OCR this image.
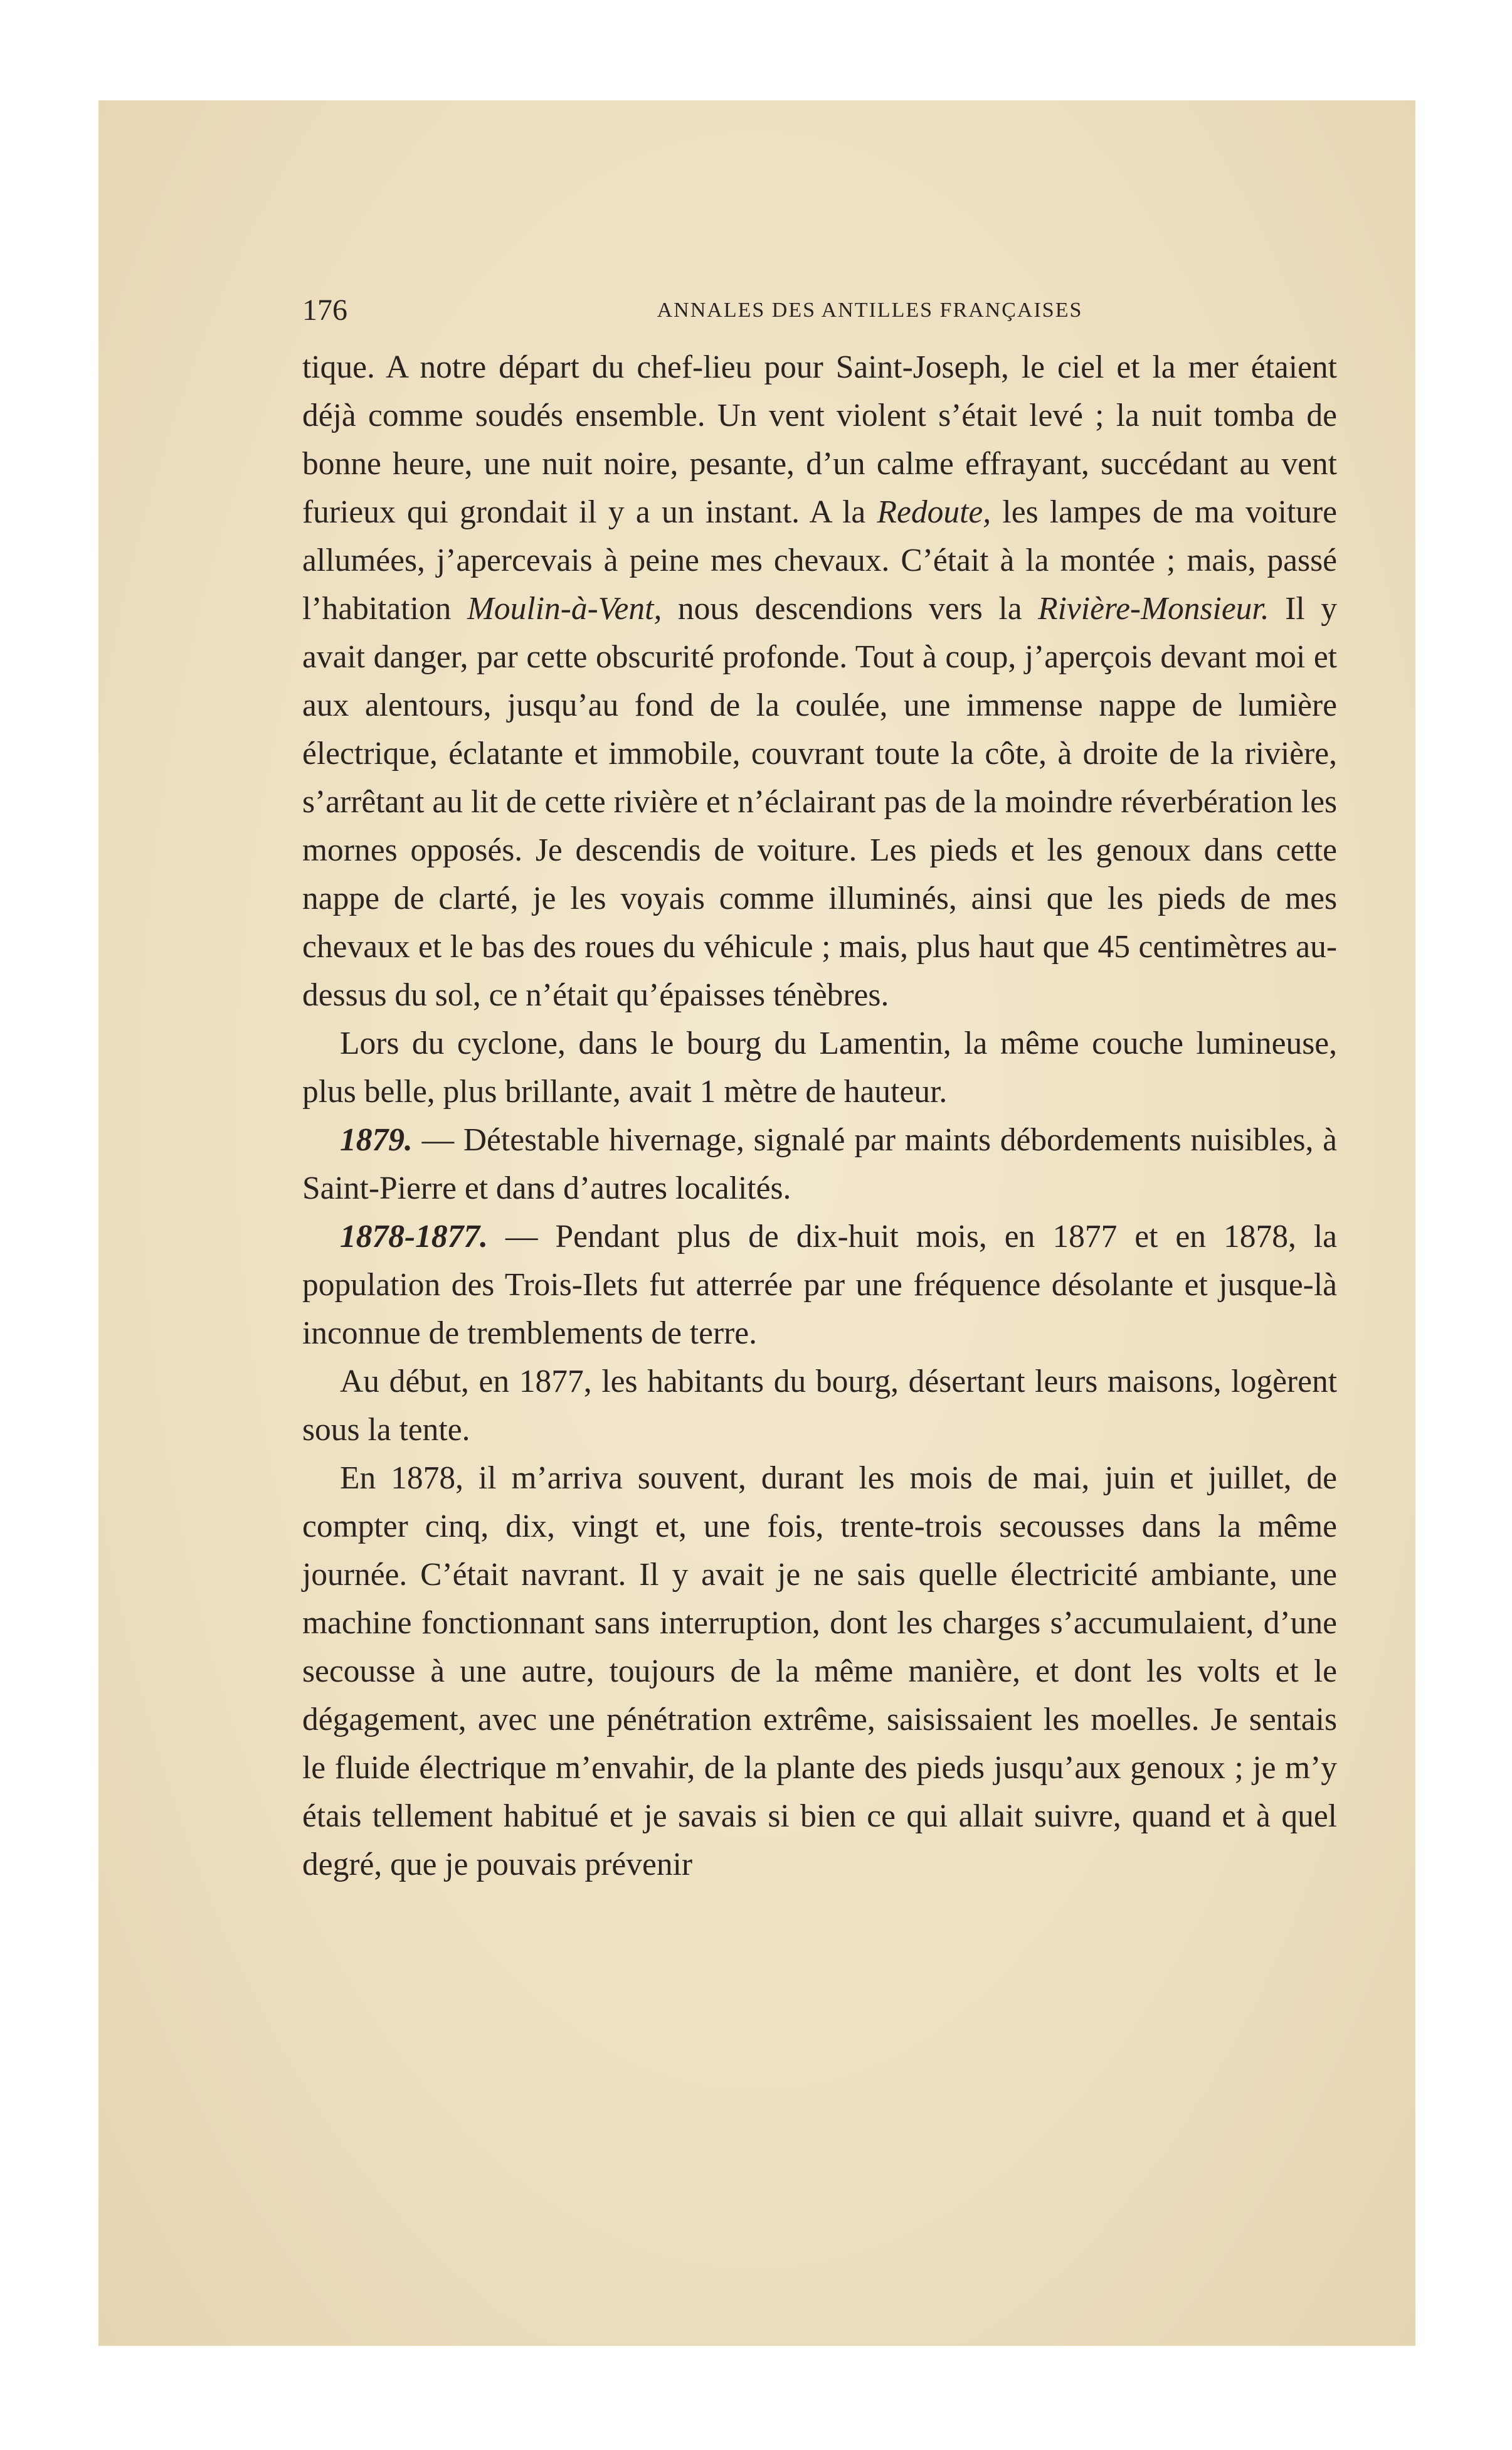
176	ANNALES DES ANTILLES FRANÇAISES

tique. A notre départ du chef-lieu pour Saint-Joseph, le ciel et la mer étaient déjà comme soudés ensemble. Un vent violent s’était levé ; la nuit tomba de bonne heure, une nuit noire, pesante, d’un calme effrayant, succédant au vent furieux qui grondait il y a un instant. A la Redoute, les lampes de ma voiture allumées, j’apercevais à peine mes chevaux. C’était à la montée ; mais, passé l’habitation Moulin-à-Vent, nous descendions vers la Rivière-Monsieur. Il y avait danger, par cette obscurité profonde. Tout à coup, j’aperçois devant moi et aux alentours, jusqu’au fond de la coulée, une immense nappe de lumière électrique, éclatante et immobile, couvrant toute la côte, à droite de la rivière, s’arrêtant au lit de cette rivière et n’éclairant pas de la moindre réverbération les mornes opposés. Je descendis de voiture. Les pieds et les genoux dans cette nappe de clarté, je les voyais comme illuminés, ainsi que les pieds de mes chevaux et le bas des roues du véhicule ; mais, plus haut que 45 centimètres au-dessus du sol, ce n’était qu’épaisses ténèbres.

Lors du cyclone, dans le bourg du Lamentin, la même couche lumineuse, plus belle, plus brillante, avait 1 mètre de hauteur.

1879. — Détestable hivernage, signalé par maints débordements nuisibles, à Saint-Pierre et dans d’autres localités.

1878-1877. — Pendant plus de dix-huit mois, en 1877 et en 1878, la population des Trois-Ilets fut atterrée par une fréquence désolante et jusque-là inconnue de tremblements de terre.

Au début, en 1877, les habitants du bourg, désertant leurs maisons, logèrent sous la tente.

En 1878, il m’arriva souvent, durant les mois de mai, juin et juillet, de compter cinq, dix, vingt et, une fois, trente-trois secousses dans la même journée. C’était navrant. Il y avait je ne sais quelle électricité ambiante, une machine fonctionnant sans interruption, dont les charges s’accumulaient, d’une secousse à une autre, toujours de la même manière, et dont les volts et le dégagement, avec une pénétration extrême, saisissaient les moelles. Je sentais le fluide électrique m’envahir, de la plante des pieds jusqu’aux genoux ; je m’y étais tellement habitué et je savais si bien ce qui allait suivre, quand et à quel degré, que je pouvais prévenir
